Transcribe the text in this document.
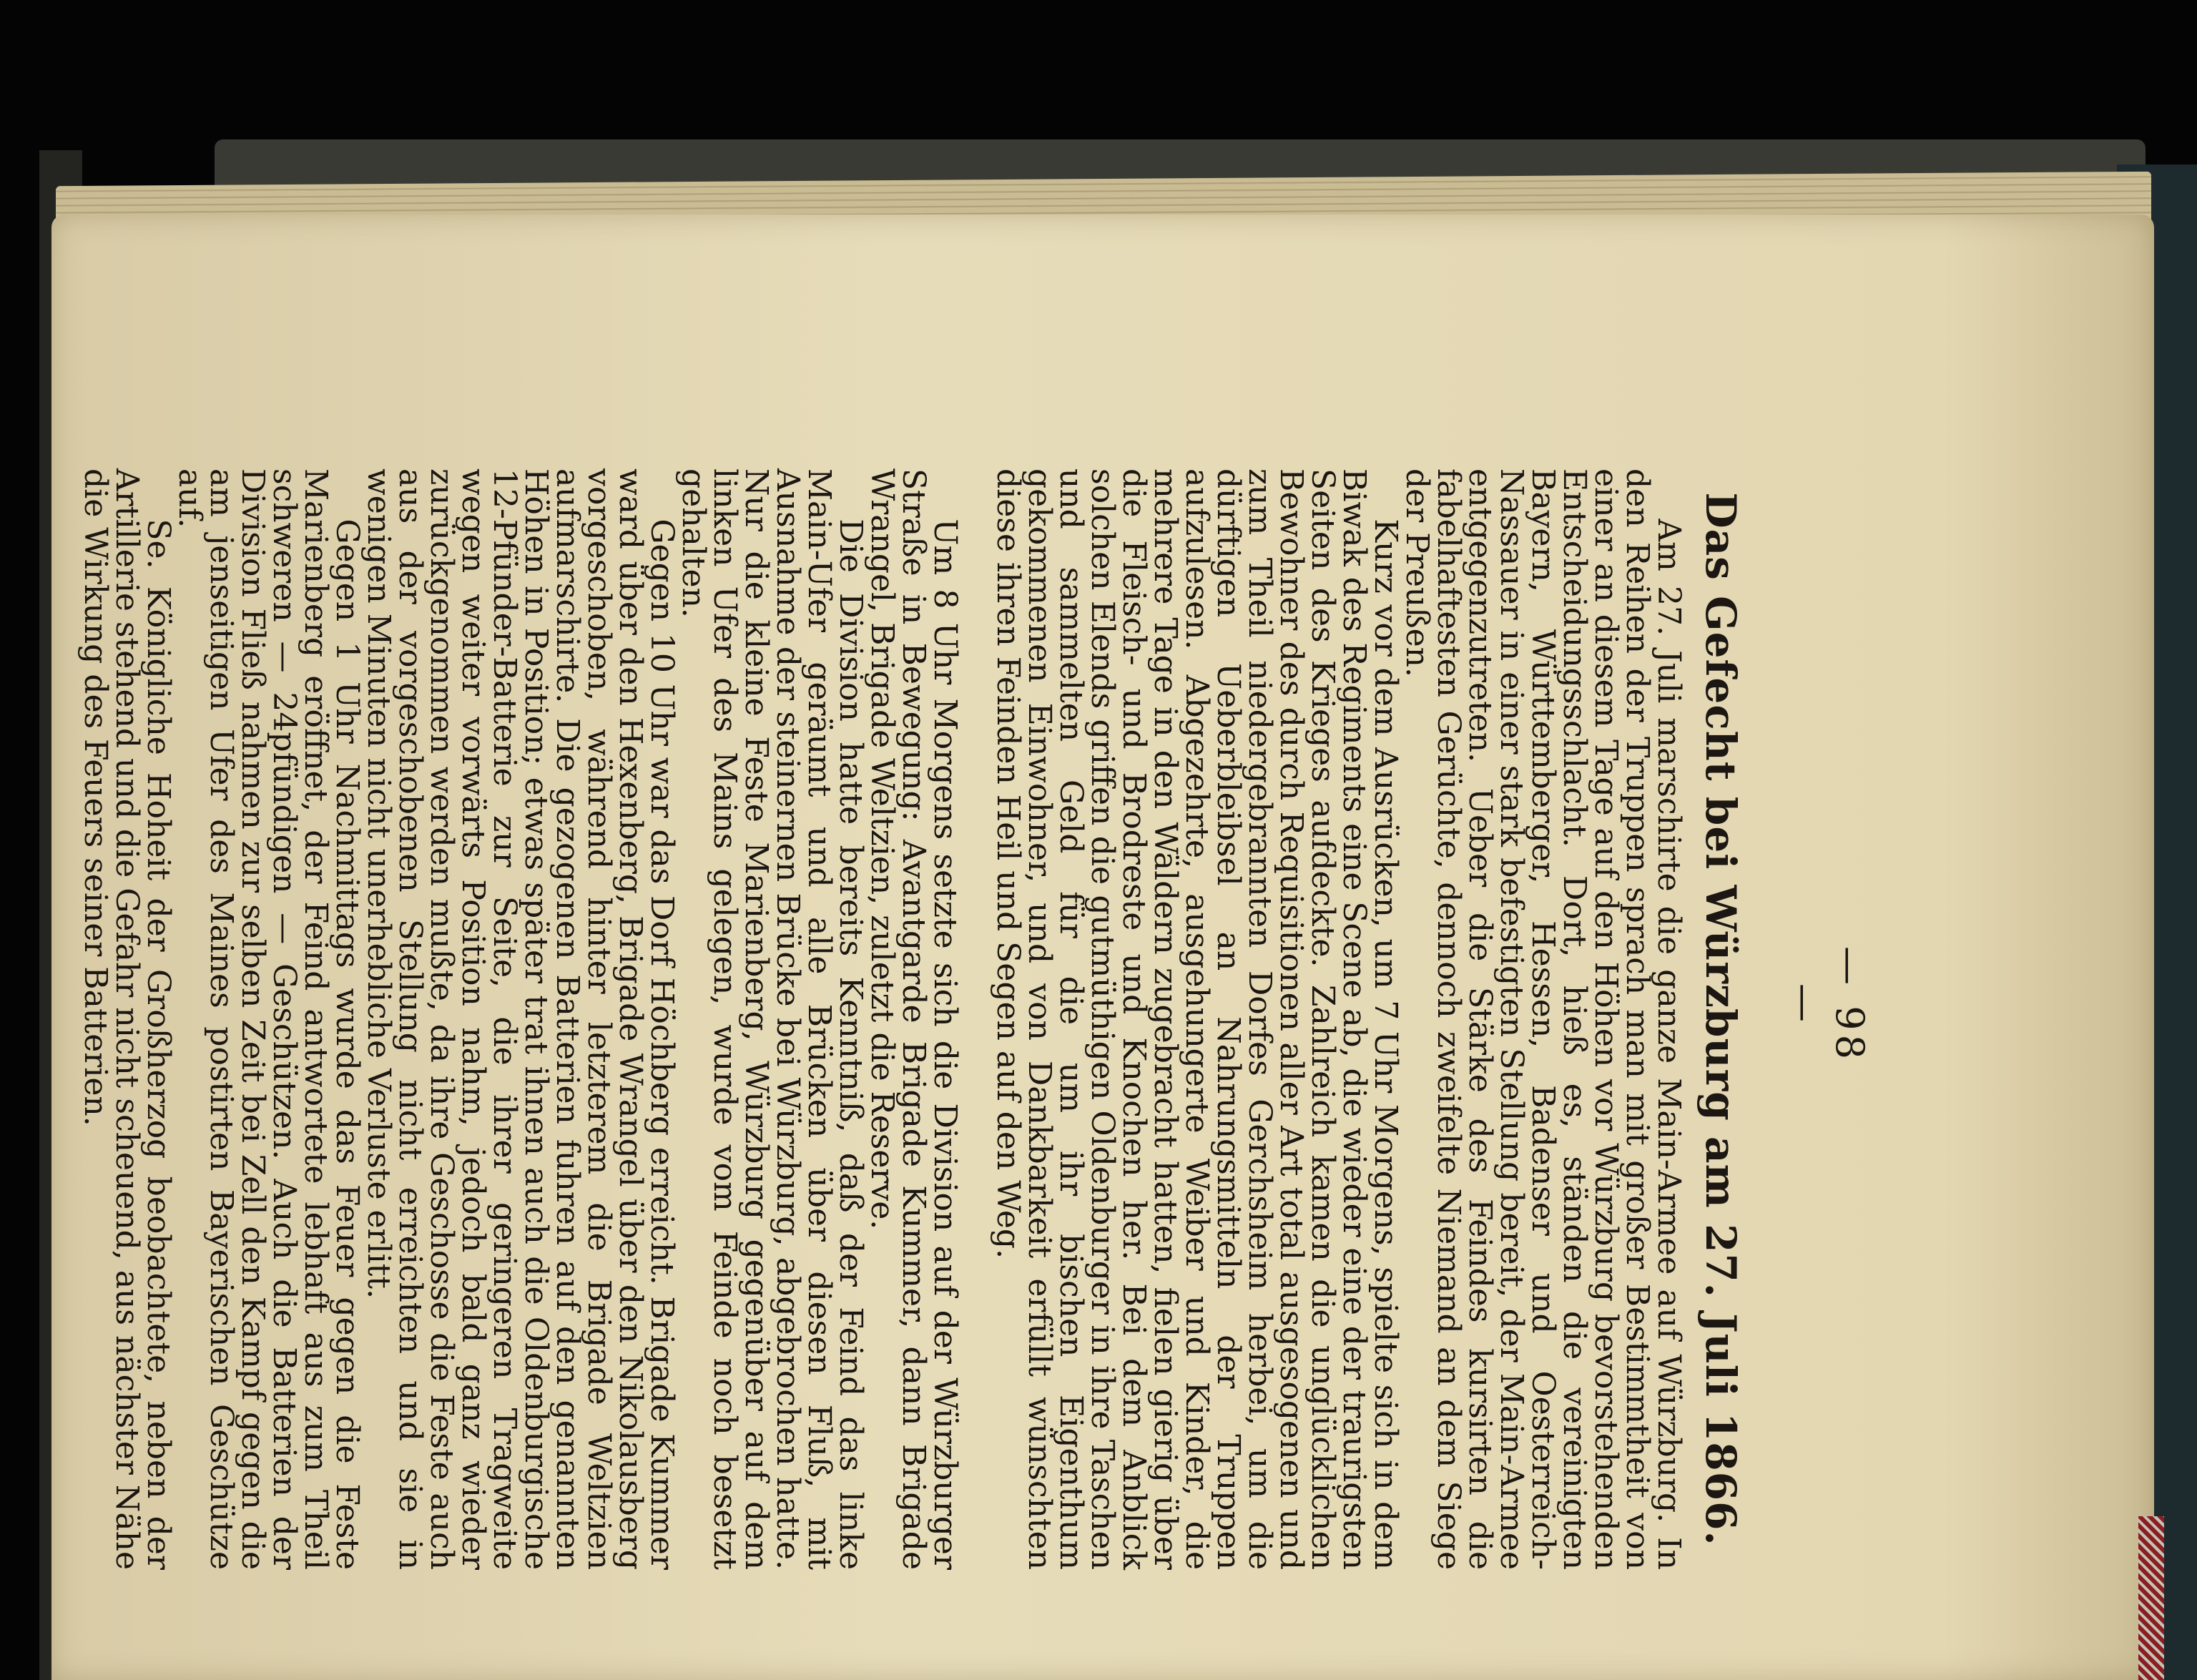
— 98 —
Das Gefecht bei Würzburg am 27. Juli 1866.

Am 27. Juli marschirte die ganze Main-Armee auf Würzburg. In den Reihen der Truppen sprach man mit großer Bestimmtheit von einer an diesem Tage auf den Höhen vor Würzburg bevorstehenden Entscheidungsschlacht. Dort, hieß es, ständen die vereinigten Bayern, Württemberger, Hessen, Badenser und Oesterreich-Nassauer in einer stark befestigten Stellung bereit, der Main-Armee entgegenzutreten. Ueber die Stärke des Feindes kursirten die fabelhaftesten Gerüchte, dennoch zweifelte Niemand an dem Siege der Preußen.

Kurz vor dem Ausrücken, um 7 Uhr Morgens, spielte sich in dem Biwak des Regiments eine Scene ab, die wieder eine der traurigsten Seiten des Krieges aufdeckte. Zahlreich kamen die unglücklichen Bewohner des durch Requisitionen aller Art total ausgesogenen und zum Theil niedergebrannten Dorfes Gerchsheim herbei, um die dürftigen Ueberbleibsel an Nahrungsmitteln der Truppen aufzulesen. Abgezehrte, ausgehungerte Weiber und Kinder, die mehrere Tage in den Wäldern zugebracht hatten, fielen gierig über die Fleisch- und Brodreste und Knochen her. Bei dem Anblick solchen Elends griffen die gutmüthigen Oldenburger in ihre Taschen und sammelten Geld für die um ihr bischen Eigenthum gekommenen Einwohner, und von Dankbarkeit erfüllt wünschten diese ihren Feinden Heil und Segen auf den Weg.

Um 8 Uhr Morgens setzte sich die Division auf der Würzburger Straße in Bewegung: Avantgarde Brigade Kummer, dann Brigade Wrangel, Brigade Weltzien, zuletzt die Reserve.

Die Division hatte bereits Kenntniß, daß der Feind das linke Main-Ufer geräumt und alle Brücken über diesen Fluß, mit Ausnahme der steinernen Brücke bei Würzburg, abgebrochen hatte. Nur die kleine Feste Marienberg, Würzburg gegenüber auf dem linken Ufer des Mains gelegen, wurde vom Feinde noch besetzt gehalten.

Gegen 10 Uhr war das Dorf Höchberg erreicht. Brigade Kummer ward über den Hexenberg, Brigade Wrangel über den Nikolausberg vorgeschoben, während hinter letzterem die Brigade Weltzien aufmarschirte. Die gezogenen Batterien fuhren auf den genannten Höhen in Position; etwas später trat ihnen auch die Oldenburgische 12-Pfünder-Batterie zur Seite, die ihrer geringeren Tragweite wegen weiter vorwärts Position nahm, jedoch bald ganz wieder zurückgenommen werden mußte, da ihre Geschosse die Feste auch aus der vorgeschobenen Stellung nicht erreichten und sie in wenigen Minuten nicht unerhebliche Verluste erlitt.

Gegen 1 Uhr Nachmittags wurde das Feuer gegen die Feste Marienberg eröffnet, der Feind antwortete lebhaft aus zum Theil schweren — 24pfündigen — Geschützen. Auch die Batterien der Division Fließ nahmen zur selben Zeit bei Zell den Kampf gegen die am jenseitigen Ufer des Maines postirten Bayerischen Geschütze auf.

Se. Königliche Hoheit der Großherzog beobachtete, neben der Artillerie stehend und die Gefahr nicht scheuend, aus nächster Nähe die Wirkung des Feuers seiner Batterien.
